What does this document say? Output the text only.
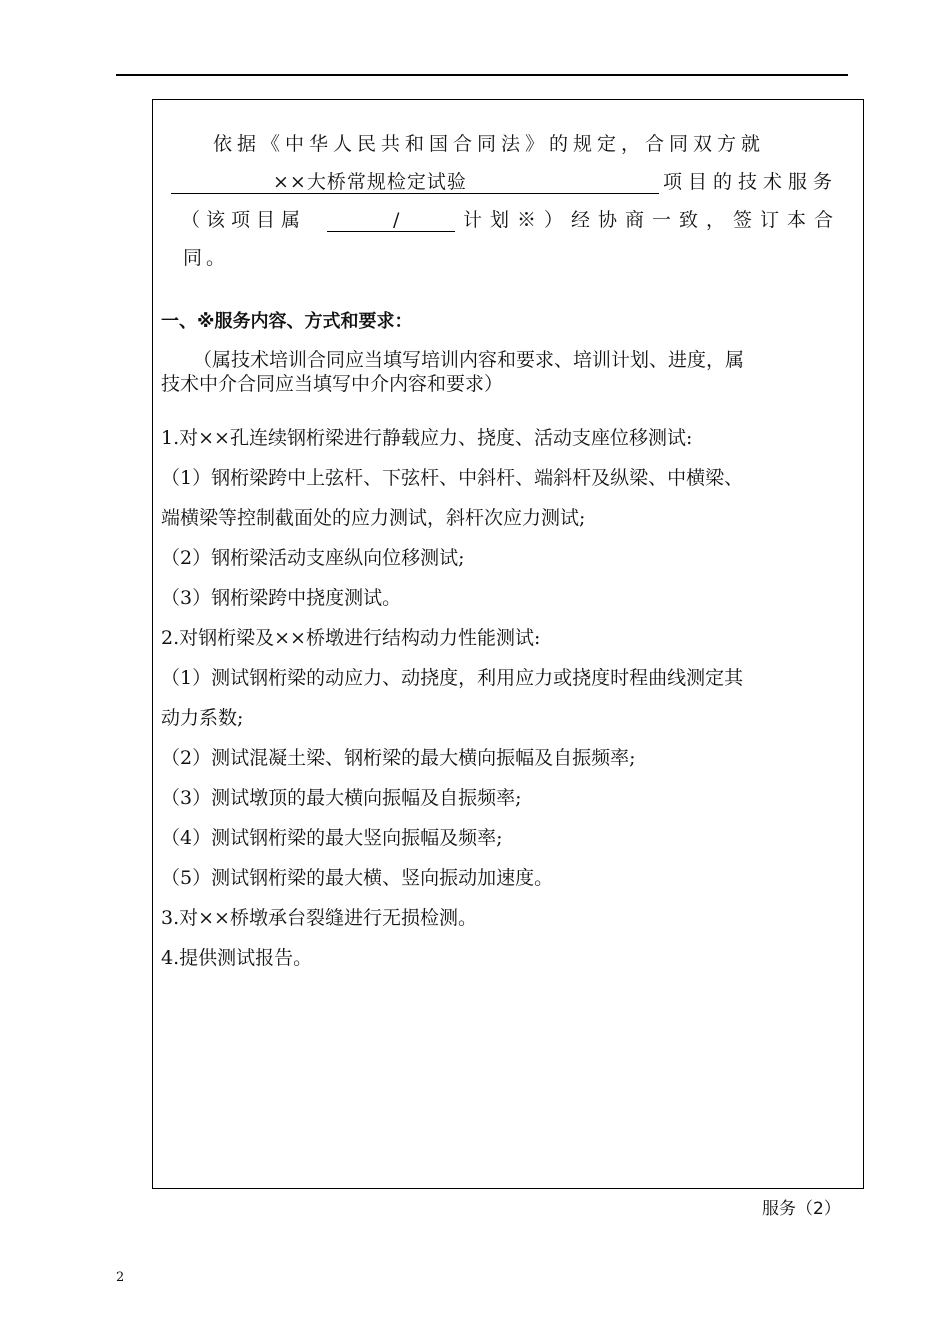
依据《中华人民共和国合同法》的规定，合同双方就
××大桥常规检定试验	项目的技术服务
（该项目属	/	计划※）经协商一致，签订本合
同。
一、※服务内容、方式和要求：
（属技术培训合同应当填写培训内容和要求、培训计划、进度，属
技术中介合同应当填写中介内容和要求）
1.对××孔连续钢桁梁进行静载应力、挠度、活动支座位移测试:
（1）钢桁梁跨中上弦杆、下弦杆、中斜杆、端斜杆及纵梁、中横梁、
端横梁等控制截面处的应力测试，斜杆次应力测试;
（2）钢桁梁活动支座纵向位移测试;
（3）钢桁梁跨中挠度测试。
2.对钢桁梁及××桥墩进行结构动力性能测试:
（1）测试钢桁梁的动应力、动挠度，利用应力或挠度时程曲线测定其
动力系数;
（2）测试混凝土梁、钢桁梁的最大横向振幅及自振频率;
（3）测试墩顶的最大横向振幅及自振频率;
（4）测试钢桁梁的最大竖向振幅及频率;
（5）测试钢桁梁的最大横、竖向振动加速度。
3.对××桥墩承台裂缝进行无损检测。
4.提供测试报告。
服务（2）
2
